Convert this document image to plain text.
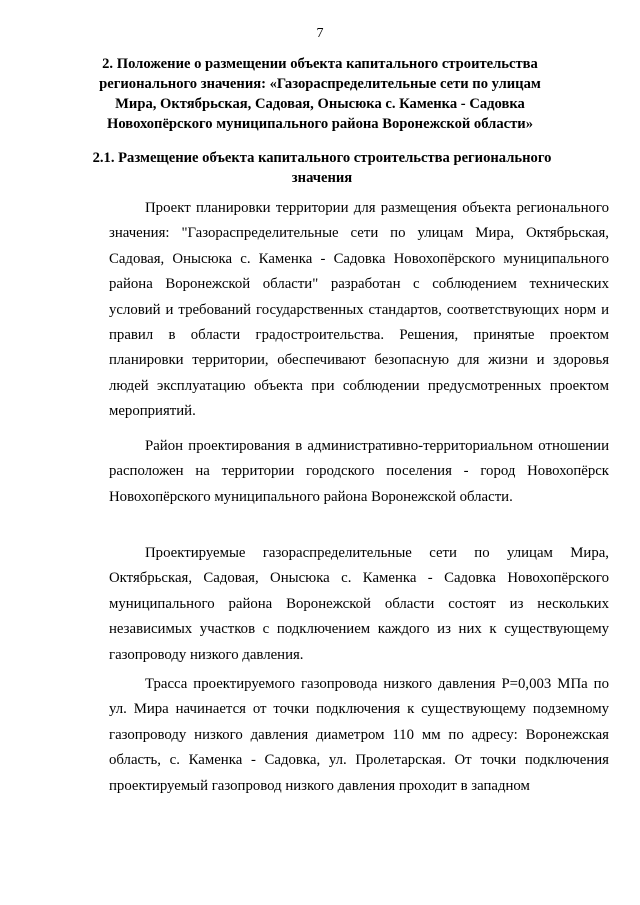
7
2. Положение о размещении объекта капитального строительства регионального значения: «Газораспределительные сети по улицам Мира, Октябрьская, Садовая, Онысюка с. Каменка - Садовка Новохопёрского муниципального района Воронежской области»
2.1. Размещение объекта капитального строительства регионального значения

Проект планировки территории для размещения объекта регионального значения: "Газораспределительные сети по улицам Мира, Октябрьская, Садовая, Онысюка с. Каменка - Садовка Новохопёрского муниципального района Воронежской области" разработан с соблюдением технических условий и требований государственных стандартов, соответствующих норм и правил в области градостроительства. Решения, принятые проектом планировки территории, обеспечивают безопасную для жизни и здоровья людей эксплуатацию объекта при соблюдении предусмотренных проектом мероприятий.

Район проектирования в административно-территориальном отношении расположен на территории городского поселения - город Новохопёрск Новохопёрского муниципального района Воронежской области.

Проектируемые газораспределительные сети по улицам Мира, Октябрьская, Садовая, Онысюка с. Каменка - Садовка Новохопёрского муниципального района Воронежской области состоят из нескольких независимых участков с подключением каждого из них к существующему газопроводу низкого давления.

Трасса проектируемого газопровода низкого давления Р=0,003 МПа по ул. Мира начинается от точки подключения к существующему подземному газопроводу низкого давления диаметром 110 мм по адресу: Воронежская область, с. Каменка - Садовка, ул. Пролетарская. От точки подключения проектируемый газопровод низкого давления проходит в западном
